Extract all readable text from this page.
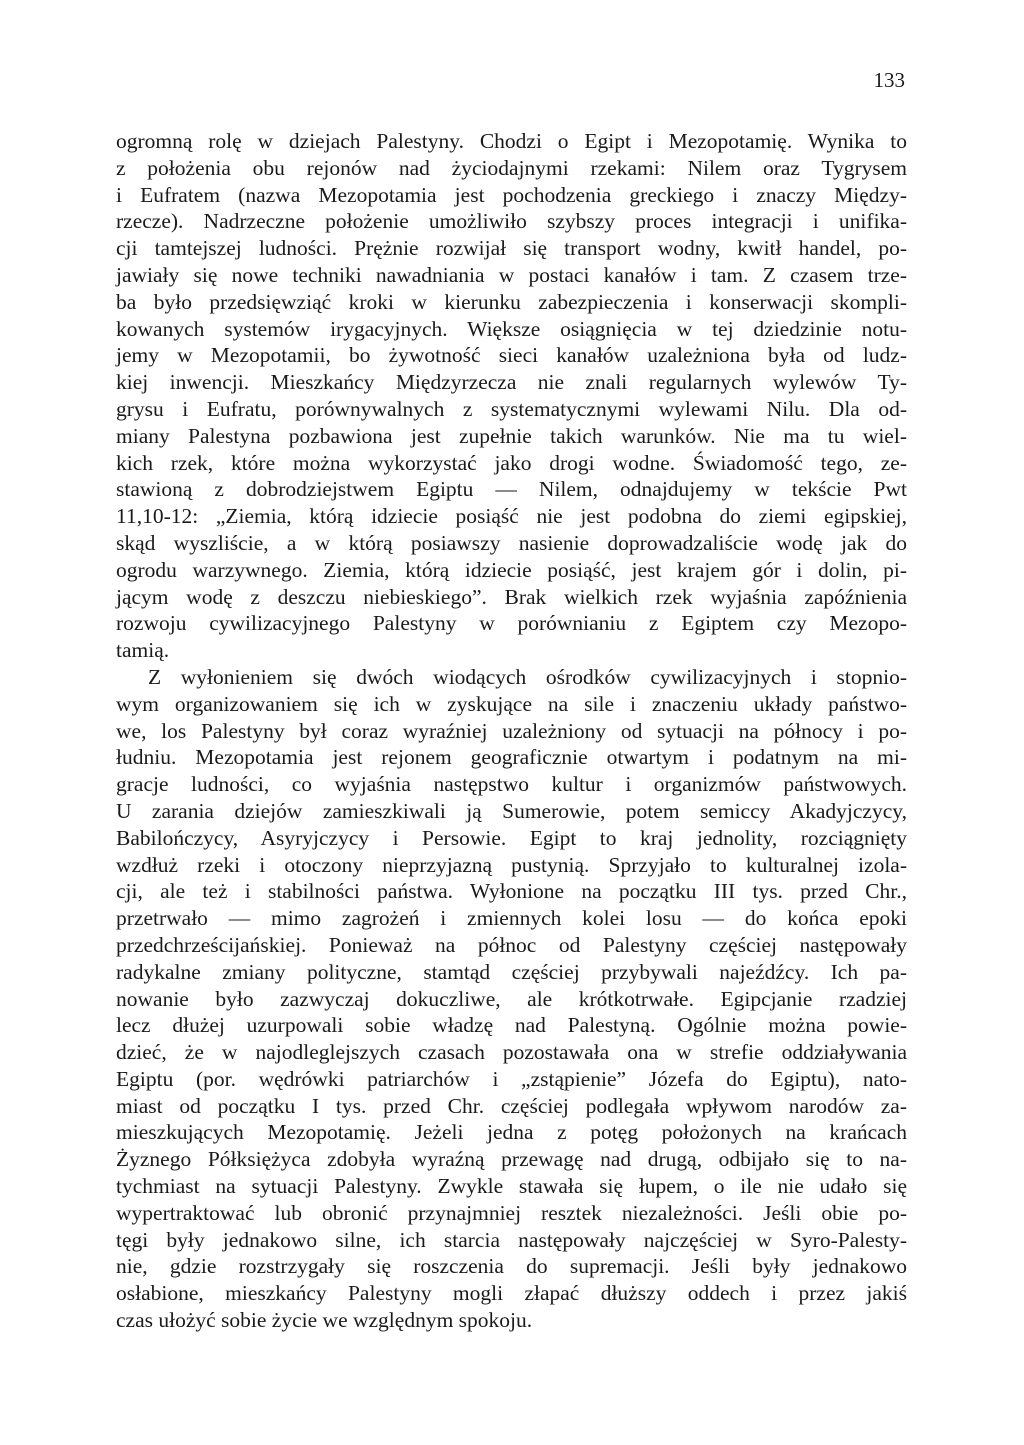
133
ogromną rolę w dziejach Palestyny. Chodzi o Egipt i Mezopotamię. Wynika to
z położenia obu rejonów nad życiodajnymi rzekami: Nilem oraz Tygrysem
i Eufratem (nazwa Mezopotamia jest pochodzenia greckiego i znaczy Między-
rzecze). Nadrzeczne położenie umożliwiło szybszy proces integracji i unifika-
cji tamtejszej ludności. Prężnie rozwijał się transport wodny, kwitł handel, po-
jawiały się nowe techniki nawadniania w postaci kanałów i tam. Z czasem trze-
ba było przedsięwziąć kroki w kierunku zabezpieczenia i konserwacji skompli-
kowanych systemów irygacyjnych. Większe osiągnięcia w tej dziedzinie notu-
jemy w Mezopotamii, bo żywotność sieci kanałów uzależniona była od ludz-
kiej inwencji. Mieszkańcy Międzyrzecza nie znali regularnych wylewów Ty-
grysu i Eufratu, porównywalnych z systematycznymi wylewami Nilu. Dla od-
miany Palestyna pozbawiona jest zupełnie takich warunków. Nie ma tu wiel-
kich rzek, które można wykorzystać jako drogi wodne. Świadomość tego, ze-
stawioną z dobrodziejstwem Egiptu — Nilem, odnajdujemy w tekście Pwt
11,10-12: „Ziemia, którą idziecie posiąść nie jest podobna do ziemi egipskiej,
skąd wyszliście, a w którą posiawszy nasienie doprowadzaliście wodę jak do
ogrodu warzywnego. Ziemia, którą idziecie posiąść, jest krajem gór i dolin, pi-
jącym wodę z deszczu niebieskiego”. Brak wielkich rzek wyjaśnia zapóźnienia
rozwoju cywilizacyjnego Palestyny w porównianiu z Egiptem czy Mezopo-
tamią.
Z wyłonieniem się dwóch wiodących ośrodków cywilizacyjnych i stopnio-
wym organizowaniem się ich w zyskujące na sile i znaczeniu układy państwo-
we, los Palestyny był coraz wyraźniej uzależniony od sytuacji na północy i po-
łudniu. Mezopotamia jest rejonem geograficznie otwartym i podatnym na mi-
gracje ludności, co wyjaśnia następstwo kultur i organizmów państwowych.
U zarania dziejów zamieszkiwali ją Sumerowie, potem semiccy Akadyjczycy,
Babilończycy, Asyryjczycy i Persowie. Egipt to kraj jednolity, rozciągnięty
wzdłuż rzeki i otoczony nieprzyjazną pustynią. Sprzyjało to kulturalnej izola-
cji, ale też i stabilności państwa. Wyłonione na początku III tys. przed Chr.,
przetrwało — mimo zagrożeń i zmiennych kolei losu — do końca epoki
przedchrześcijańskiej. Ponieważ na północ od Palestyny częściej następowały
radykalne zmiany polityczne, stamtąd częściej przybywali najeźdźcy. Ich pa-
nowanie było zazwyczaj dokuczliwe, ale krótkotrwałe. Egipcjanie rzadziej
lecz dłużej uzurpowali sobie władzę nad Palestyną. Ogólnie można powie-
dzieć, że w najodleglejszych czasach pozostawała ona w strefie oddziaływania
Egiptu (por. wędrówki patriarchów i „zstąpienie” Józefa do Egiptu), nato-
miast od początku I tys. przed Chr. częściej podlegała wpływom narodów za-
mieszkujących Mezopotamię. Jeżeli jedna z potęg położonych na krańcach
Żyznego Półksiężyca zdobyła wyraźną przewagę nad drugą, odbijało się to na-
tychmiast na sytuacji Palestyny. Zwykle stawała się łupem, o ile nie udało się
wypertraktować lub obronić przynajmniej resztek niezależności. Jeśli obie po-
tęgi były jednakowo silne, ich starcia następowały najczęściej w Syro-Palesty-
nie, gdzie rozstrzygały się roszczenia do supremacji. Jeśli były jednakowo
osłabione, mieszkańcy Palestyny mogli złapać dłuższy oddech i przez jakiś
czas ułożyć sobie życie we względnym spokoju.
